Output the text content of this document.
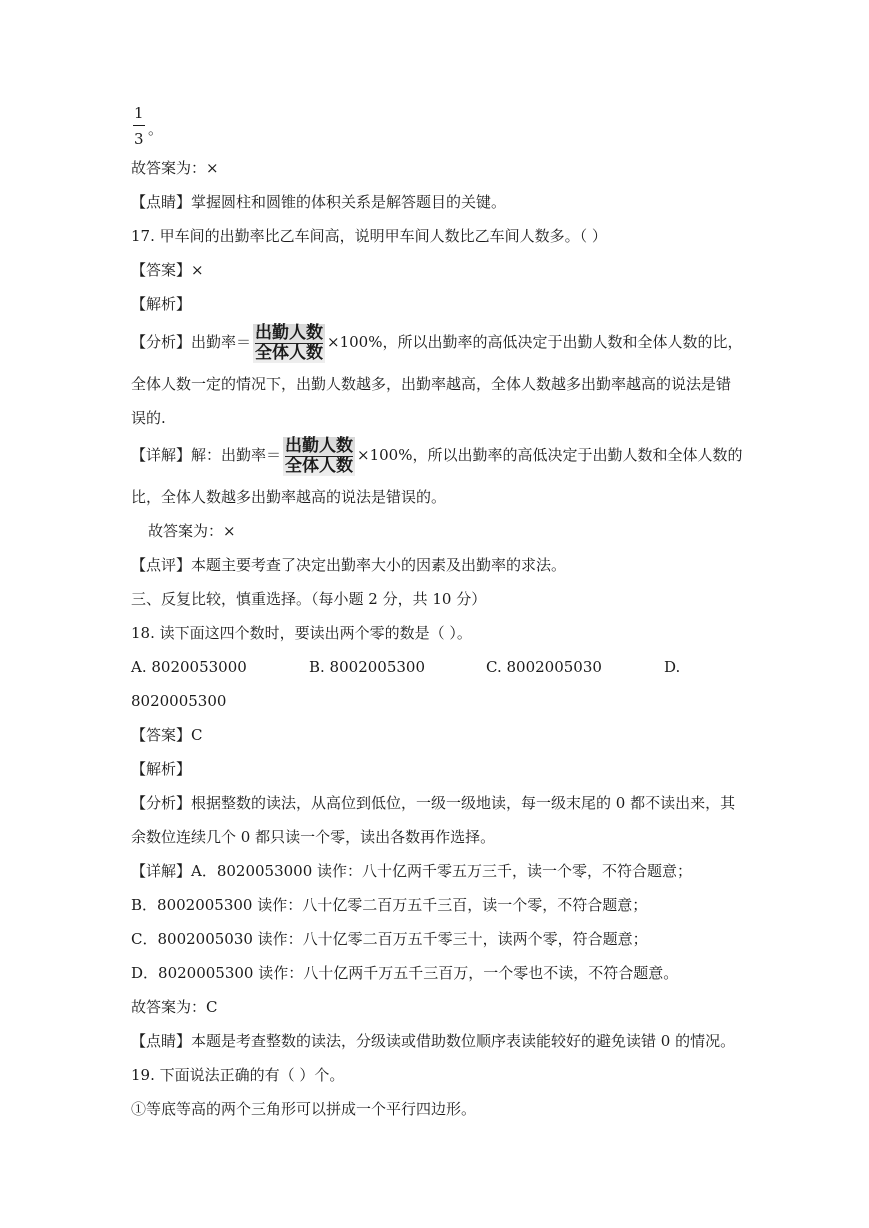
1
3
。
故答案为：×
【点睛】掌握圆柱和圆锥的体积关系是解答题目的关键。
17. 甲车间的出勤率比乙车间高，说明甲车间人数比乙车间人数多。（ ）
【答案】×
【解析】
【分析】出勤率＝ $\frac{\text{出勤人数}}{\text{全体人数}} \times 100\%$，所以出勤率的高低决定于出勤人数和全体人数的比，
全体人数一定的情况下，出勤人数越多，出勤率越高，全体人数越多出勤率越高的说法是错
误的.
【详解】解：出勤率＝ $\frac{\text{出勤人数}}{\text{全体人数}} \times 100\%$，所以出勤率的高低决定于出勤人数和全体人数的
比，全体人数越多出勤率越高的说法是错误的。
故答案为：×
【点评】本题主要考查了决定出勤率大小的因素及出勤率的求法。
三、反复比较，慎重选择。（每小题 2 分，共 10 分）
18. 读下面这四个数时，要读出两个零的数是（ ）。
A. 8020053000	B. 8002005300	C. 8002005030	D.
8020005300
【答案】C
【解析】
【分析】根据整数的读法，从高位到低位，一级一级地读，每一级末尾的 0 都不读出来，其
余数位连续几个 0 都只读一个零，读出各数再作选择。
【详解】A．8020053000 读作：八十亿两千零五万三千，读一个零，不符合题意；
B．8002005300 读作：八十亿零二百万五千三百，读一个零，不符合题意；
C．8002005030 读作：八十亿零二百万五千零三十，读两个零，符合题意；
D．8020005300 读作：八十亿两千万五千三百万，一个零也不读，不符合题意。
故答案为：C
【点睛】本题是考查整数的读法，分级读或借助数位顺序表读能较好的避免读错 0 的情况。
19. 下面说法正确的有（ ）个。
①等底等高的两个三角形可以拼成一个平行四边形。
